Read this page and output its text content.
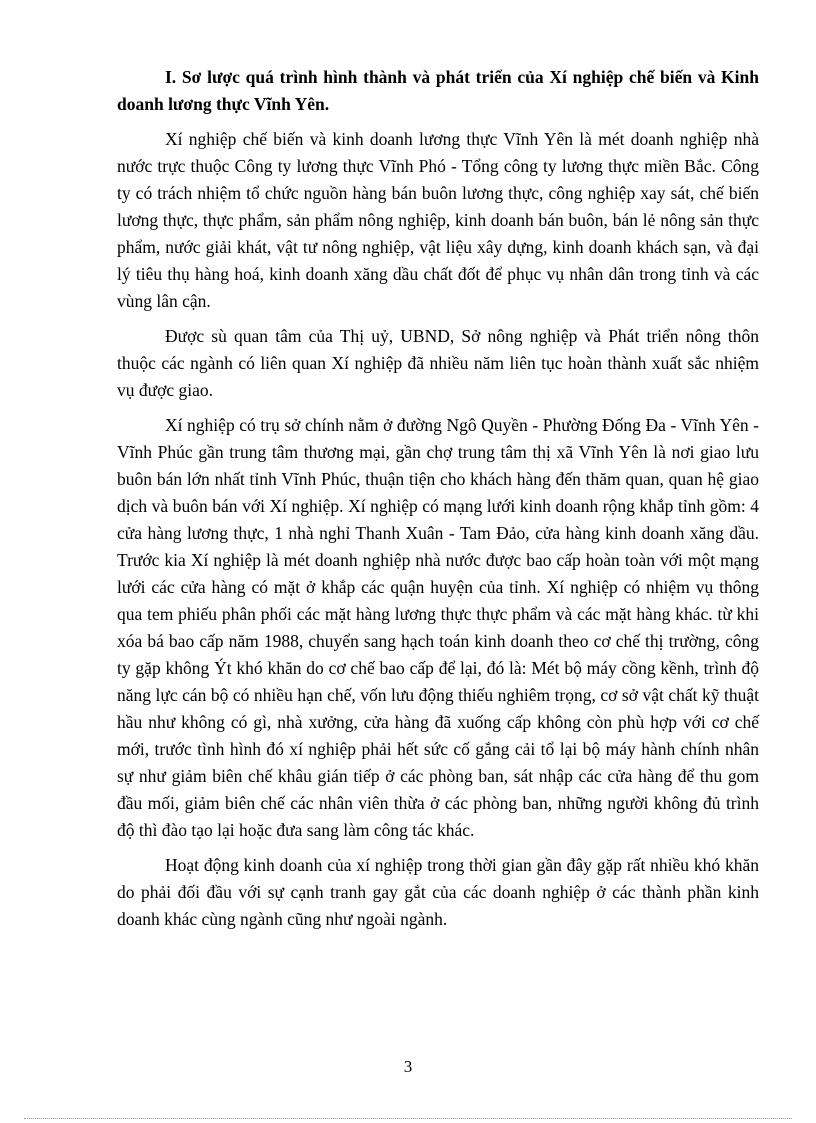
I. Sơ lược quá trình hình thành và phát triển của Xí nghiệp chế biến và Kinh doanh lương thực Vĩnh Yên.

Xí nghiệp chế biến và kinh doanh lương thực Vĩnh Yên là mét doanh nghiệp nhà nước trực thuộc Công ty lương thực Vĩnh Phó - Tổng công ty lương thực miền Bắc. Công ty có trách nhiệm tổ chức nguồn hàng bán buôn lương thực, công nghiệp xay sát, chế biến lương thực, thực phẩm, sản phẩm nông nghiệp, kinh doanh bán buôn, bán lẻ nông sản thực phẩm, nước giải khát, vật tư nông nghiệp, vật liệu xây dựng, kinh doanh khách sạn, và đại lý tiêu thụ hàng hoá, kinh doanh xăng dầu chất đốt để phục vụ nhân dân trong tỉnh và các vùng lân cận.

Được sù quan tâm của Thị uỷ, UBND, Sở nông nghiệp và Phát triển nông thôn thuộc các ngành có liên quan Xí nghiệp đã nhiều năm liên tục hoàn thành xuất sắc nhiệm vụ được giao.

Xí nghiệp có trụ sở chính nằm ở đường Ngô Quyền - Phường Đống Đa - Vĩnh Yên - Vĩnh Phúc gần trung tâm thương mại, gần chợ trung tâm thị xã Vĩnh Yên là nơi giao lưu buôn bán lớn nhất tỉnh Vĩnh Phúc, thuận tiện cho khách hàng đến thăm quan, quan hệ giao dịch và buôn bán với Xí nghiệp. Xí nghiệp có mạng lưới kinh doanh rộng khắp tỉnh gồm: 4 cửa hàng lương thực, 1 nhà nghỉ Thanh Xuân - Tam Đảo, cửa hàng kinh doanh xăng dầu. Trước kia Xí nghiệp là mét doanh nghiệp nhà nước được bao cấp hoàn toàn với một mạng lưới các cửa hàng có mặt ở khắp các quận huyện của tỉnh. Xí nghiệp có nhiệm vụ thông qua tem phiếu phân phối các mặt hàng lương thực thực phẩm và các mặt hàng khác. từ khi xóa bá bao cấp năm 1988, chuyển sang hạch toán kinh doanh theo cơ chế thị trường, công ty gặp không Ýt khó khăn do cơ chế bao cấp để lại, đó là: Mét bộ máy cồng kềnh, trình độ năng lực cán bộ có nhiều hạn chế, vốn lưu động thiếu nghiêm trọng, cơ sở vật chất kỹ thuật hầu như không có gì, nhà xưởng, cửa hàng đã xuống cấp không còn phù hợp với cơ chế mới, trước tình hình đó xí nghiệp phải hết sức cố gắng cải tổ lại bộ máy hành chính nhân sự như giảm biên chế khâu gián tiếp ở các phòng ban, sát nhập các cửa hàng để thu gom đầu mối, giảm biên chế các nhân viên thừa ở các phòng ban, những người không đủ trình độ thì đào tạo lại hoặc đưa sang làm công tác khác.

Hoạt động kinh doanh của xí nghiệp trong thời gian gần đây gặp rất nhiều khó khăn do phải đối đầu với sự cạnh tranh gay gắt của các doanh nghiệp ở các thành phần kinh doanh khác cùng ngành cũng như ngoài ngành.

3
